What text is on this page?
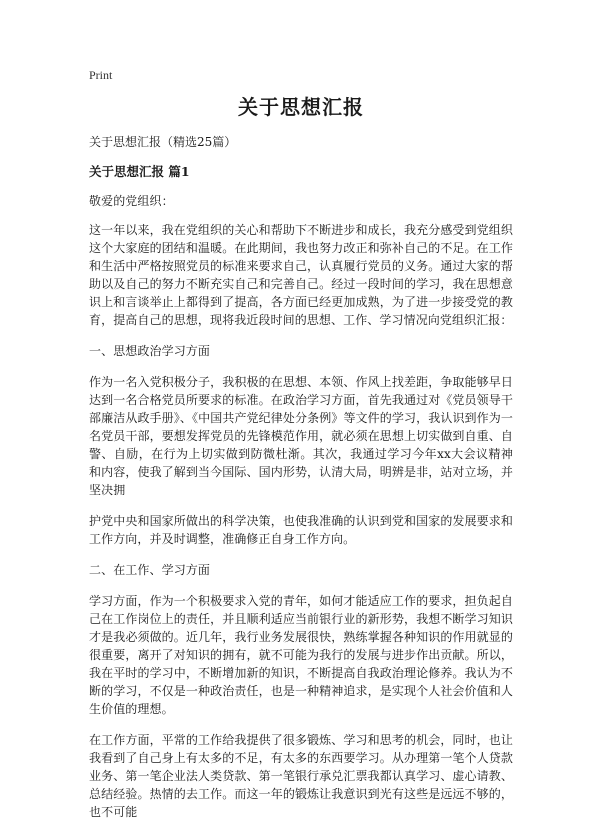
Print
关于思想汇报
关于思想汇报（精选25篇）
关于思想汇报 篇1

敬爱的党组织：

这一年以来，我在党组织的关心和帮助下不断进步和成长，我充分感受到党组织这个大家庭的团结和温暖。在此期间，我也努力改正和弥补自己的不足。在工作和生活中严格按照党员的标准来要求自己，认真履行党员的义务。通过大家的帮助以及自己的努力不断充实自己和完善自己。经过一段时间的学习，我在思想意识上和言谈举止上都得到了提高，各方面已经更加成熟，为了进一步接受党的教育，提高自己的思想，现将我近段时间的思想、工作、学习情况向党组织汇报：

一、思想政治学习方面

作为一名入党积极分子，我积极的在思想、本领、作风上找差距，争取能够早日达到一名合格党员所要求的标准。在政治学习方面，首先我通过对《党员领导干部廉洁从政手册》、《中国共产党纪律处分条例》等文件的学习，我认识到作为一名党员干部，要想发挥党员的先锋模范作用，就必须在思想上切实做到自重、自警、自励，在行为上切实做到防微杜渐。其次，我通过学习今年xx大会议精神和内容，使我了解到当今国际、国内形势，认清大局，明辨是非，站对立场，并坚决拥

护党中央和国家所做出的科学决策，也使我准确的认识到党和国家的发展要求和工作方向，并及时调整，准确修正自身工作方向。

二、在工作、学习方面

学习方面，作为一个积极要求入党的青年，如何才能适应工作的要求，担负起自己在工作岗位上的责任，并且顺利适应当前银行业的新形势，我想不断学习知识才是我必须做的。近几年，我行业务发展很快，熟练掌握各种知识的作用就显的很重要，离开了对知识的拥有，就不可能为我行的发展与进步作出贡献。所以，我在平时的学习中，不断增加新的知识，不断提高自我政治理论修养。我认为不断的学习，不仅是一种政治责任，也是一种精神追求，是实现个人社会价值和人生价值的理想。

在工作方面，平常的工作给我提供了很多锻炼、学习和思考的机会，同时，也让我看到了自己身上有太多的不足，有太多的东西要学习。从办理第一笔个人贷款业务、第一笔企业法人类贷款、第一笔银行承兑汇票我都认真学习、虚心请教、总结经验。热情的去工作。而这一年的锻炼让我意识到光有这些是远远不够的，也不可能
